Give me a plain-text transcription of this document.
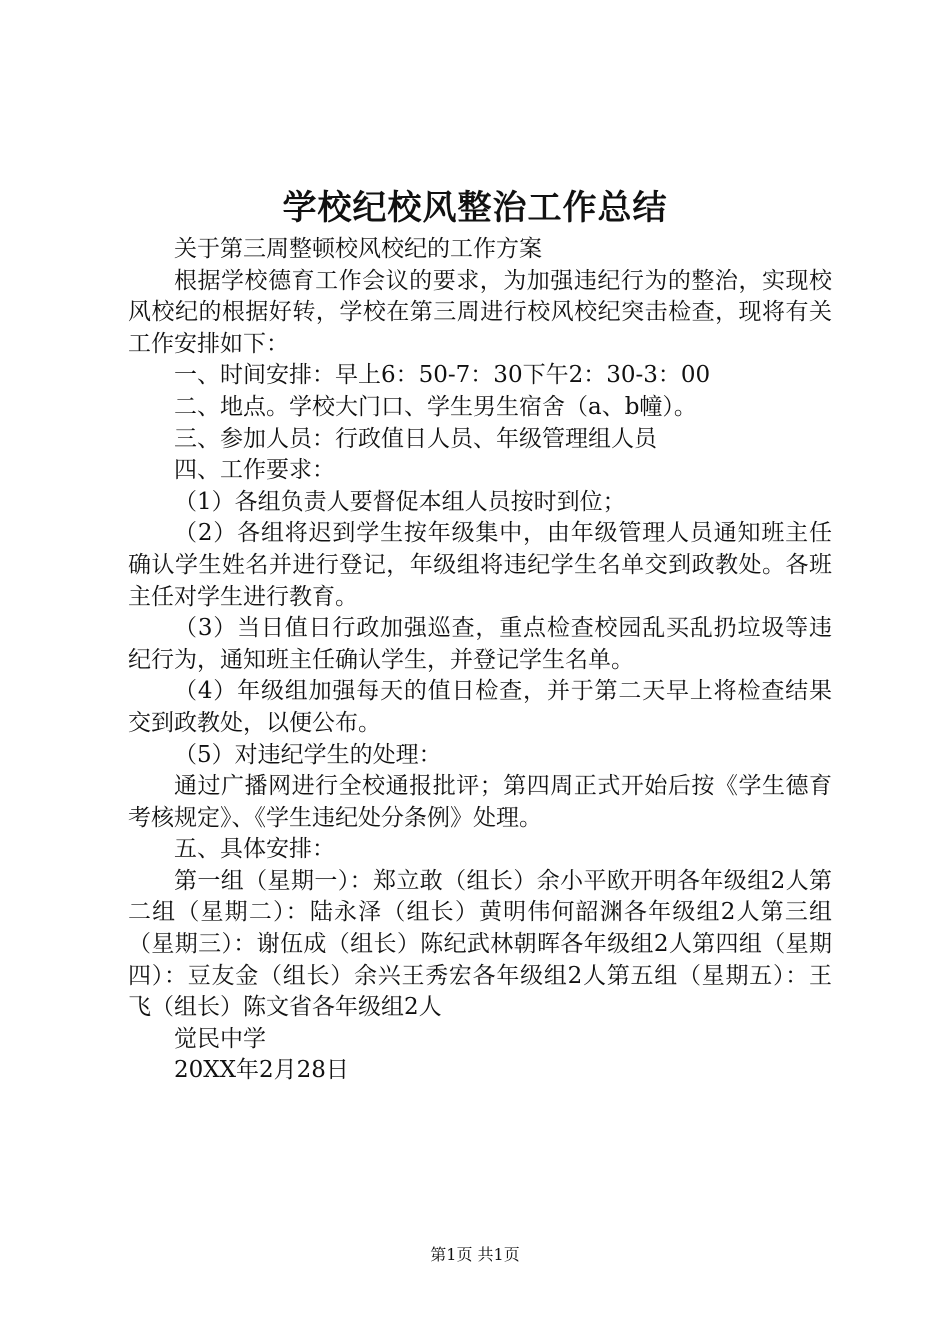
学校纪校风整治工作总结

关于第三周整顿校风校纪的工作方案

根据学校德育工作会议的要求，为加强违纪行为的整治，实现校风校纪的根据好转，学校在第三周进行校风校纪突击检查，现将有关工作安排如下：

一、时间安排：早上6：50-7：30下午2：30-3：00

二、地点。学校大门口、学生男生宿舍（a、b幢）。

三、参加人员：行政值日人员、年级管理组人员

四、工作要求：

（1）各组负责人要督促本组人员按时到位；

（2）各组将迟到学生按年级集中，由年级管理人员通知班主任确认学生姓名并进行登记，年级组将违纪学生名单交到政教处。各班主任对学生进行教育。

（3）当日值日行政加强巡查，重点检查校园乱买乱扔垃圾等违纪行为，通知班主任确认学生，并登记学生名单。

（4）年级组加强每天的值日检查，并于第二天早上将检查结果交到政教处，以便公布。

（5）对违纪学生的处理：

通过广播网进行全校通报批评；第四周正式开始后按《学生德育考核规定》、《学生违纪处分条例》处理。

五、具体安排：

第一组（星期一）：郑立敢（组长）余小平欧开明各年级组2人第二组（星期二）：陆永泽（组长）黄明伟何韶渊各年级组2人第三组（星期三）：谢伍成（组长）陈纪武林朝晖各年级组2人第四组（星期四）：豆友金（组长）余兴王秀宏各年级组2人第五组（星期五）：王飞（组长）陈文省各年级组2人

觉民中学

20XX年2月28日

第1页 共1页
